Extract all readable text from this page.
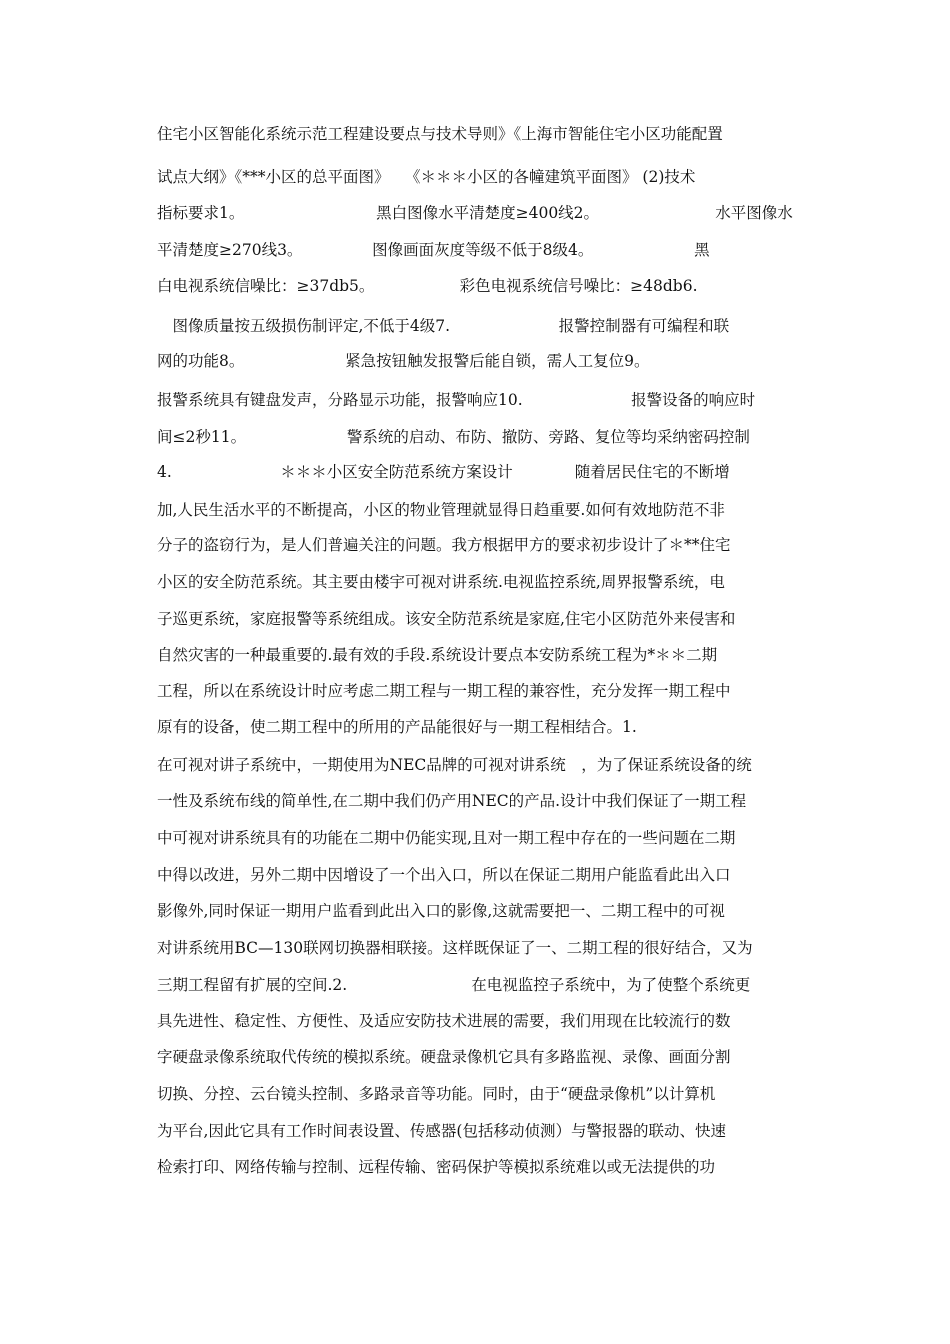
住宅小区智能化系统示范工程建设要点与技术导则》《上海市智能住宅小区功能配置
试点大纲》《***小区的总平面图》　　《＊＊＊小区的各幢建筑平面图》 (2)技术
指标要求1。　　　　　　　　　黑白图像水平清楚度≥400线2。　　　　　　　　水平图像水
平清楚度≥270线3。　　　　　图像画面灰度等级不低于8级4。　　　　　　　黑
白电视系统信噪比：≥37db5。　　　　　　彩色电视系统信号噪比：≥48db6.
　图像质量按五级损伤制评定,不低于4级7.　　　　　　　报警控制器有可编程和联
网的功能8。　　　　　　　紧急按钮触发报警后能自锁，需人工复位9。
报警系统具有键盘发声，分路显示功能，报警响应10.　　　　　　　报警设备的响应时
间≤2秒11。　　　　　　　警系统的启动、布防、撤防、旁路、复位等均采纳密码控制
4.　　　　　　　＊＊＊小区安全防范系统方案设计　　　　随着居民住宅的不断增
加,人民生活水平的不断提高，小区的物业管理就显得日趋重要.如何有效地防范不非
分子的盗窃行为，是人们普遍关注的问题。我方根据甲方的要求初步设计了＊**住宅
小区的安全防范系统。其主要由楼宇可视对讲系统.电视监控系统,周界报警系统，电
子巡更系统，家庭报警等系统组成。该安全防范系统是家庭,住宅小区防范外来侵害和
自然灾害的一种最重要的.最有效的手段.系统设计要点本安防系统工程为*＊＊二期
工程，所以在系统设计时应考虑二期工程与一期工程的兼容性，充分发挥一期工程中
原有的设备，使二期工程中的所用的产品能很好与一期工程相结合。1.
在可视对讲子系统中，一期使用为NEC品牌的可视对讲系统　，为了保证系统设备的统
一性及系统布线的简单性,在二期中我们仍产用NEC的产品.设计中我们保证了一期工程
中可视对讲系统具有的功能在二期中仍能实现,且对一期工程中存在的一些问题在二期
中得以改进，另外二期中因增设了一个出入口，所以在保证二期用户能监看此出入口
影像外,同时保证一期用户监看到此出入口的影像,这就需要把一、二期工程中的可视
对讲系统用BC—130联网切换器相联接。这样既保证了一、二期工程的很好结合，又为
三期工程留有扩展的空间.2.　　　　　　　　在电视监控子系统中，为了使整个系统更
具先进性、稳定性、方便性、及适应安防技术进展的需要，我们用现在比较流行的数
字硬盘录像系统取代传统的模拟系统。硬盘录像机它具有多路监视、录像、画面分割
切换、分控、云台镜头控制、多路录音等功能。同时，由于“硬盘录像机”以计算机
为平台,因此它具有工作时间表设置、传感器(包括移动侦测）与警报器的联动、快速
检索打印、网络传输与控制、远程传输、密码保护等模拟系统难以或无法提供的功
